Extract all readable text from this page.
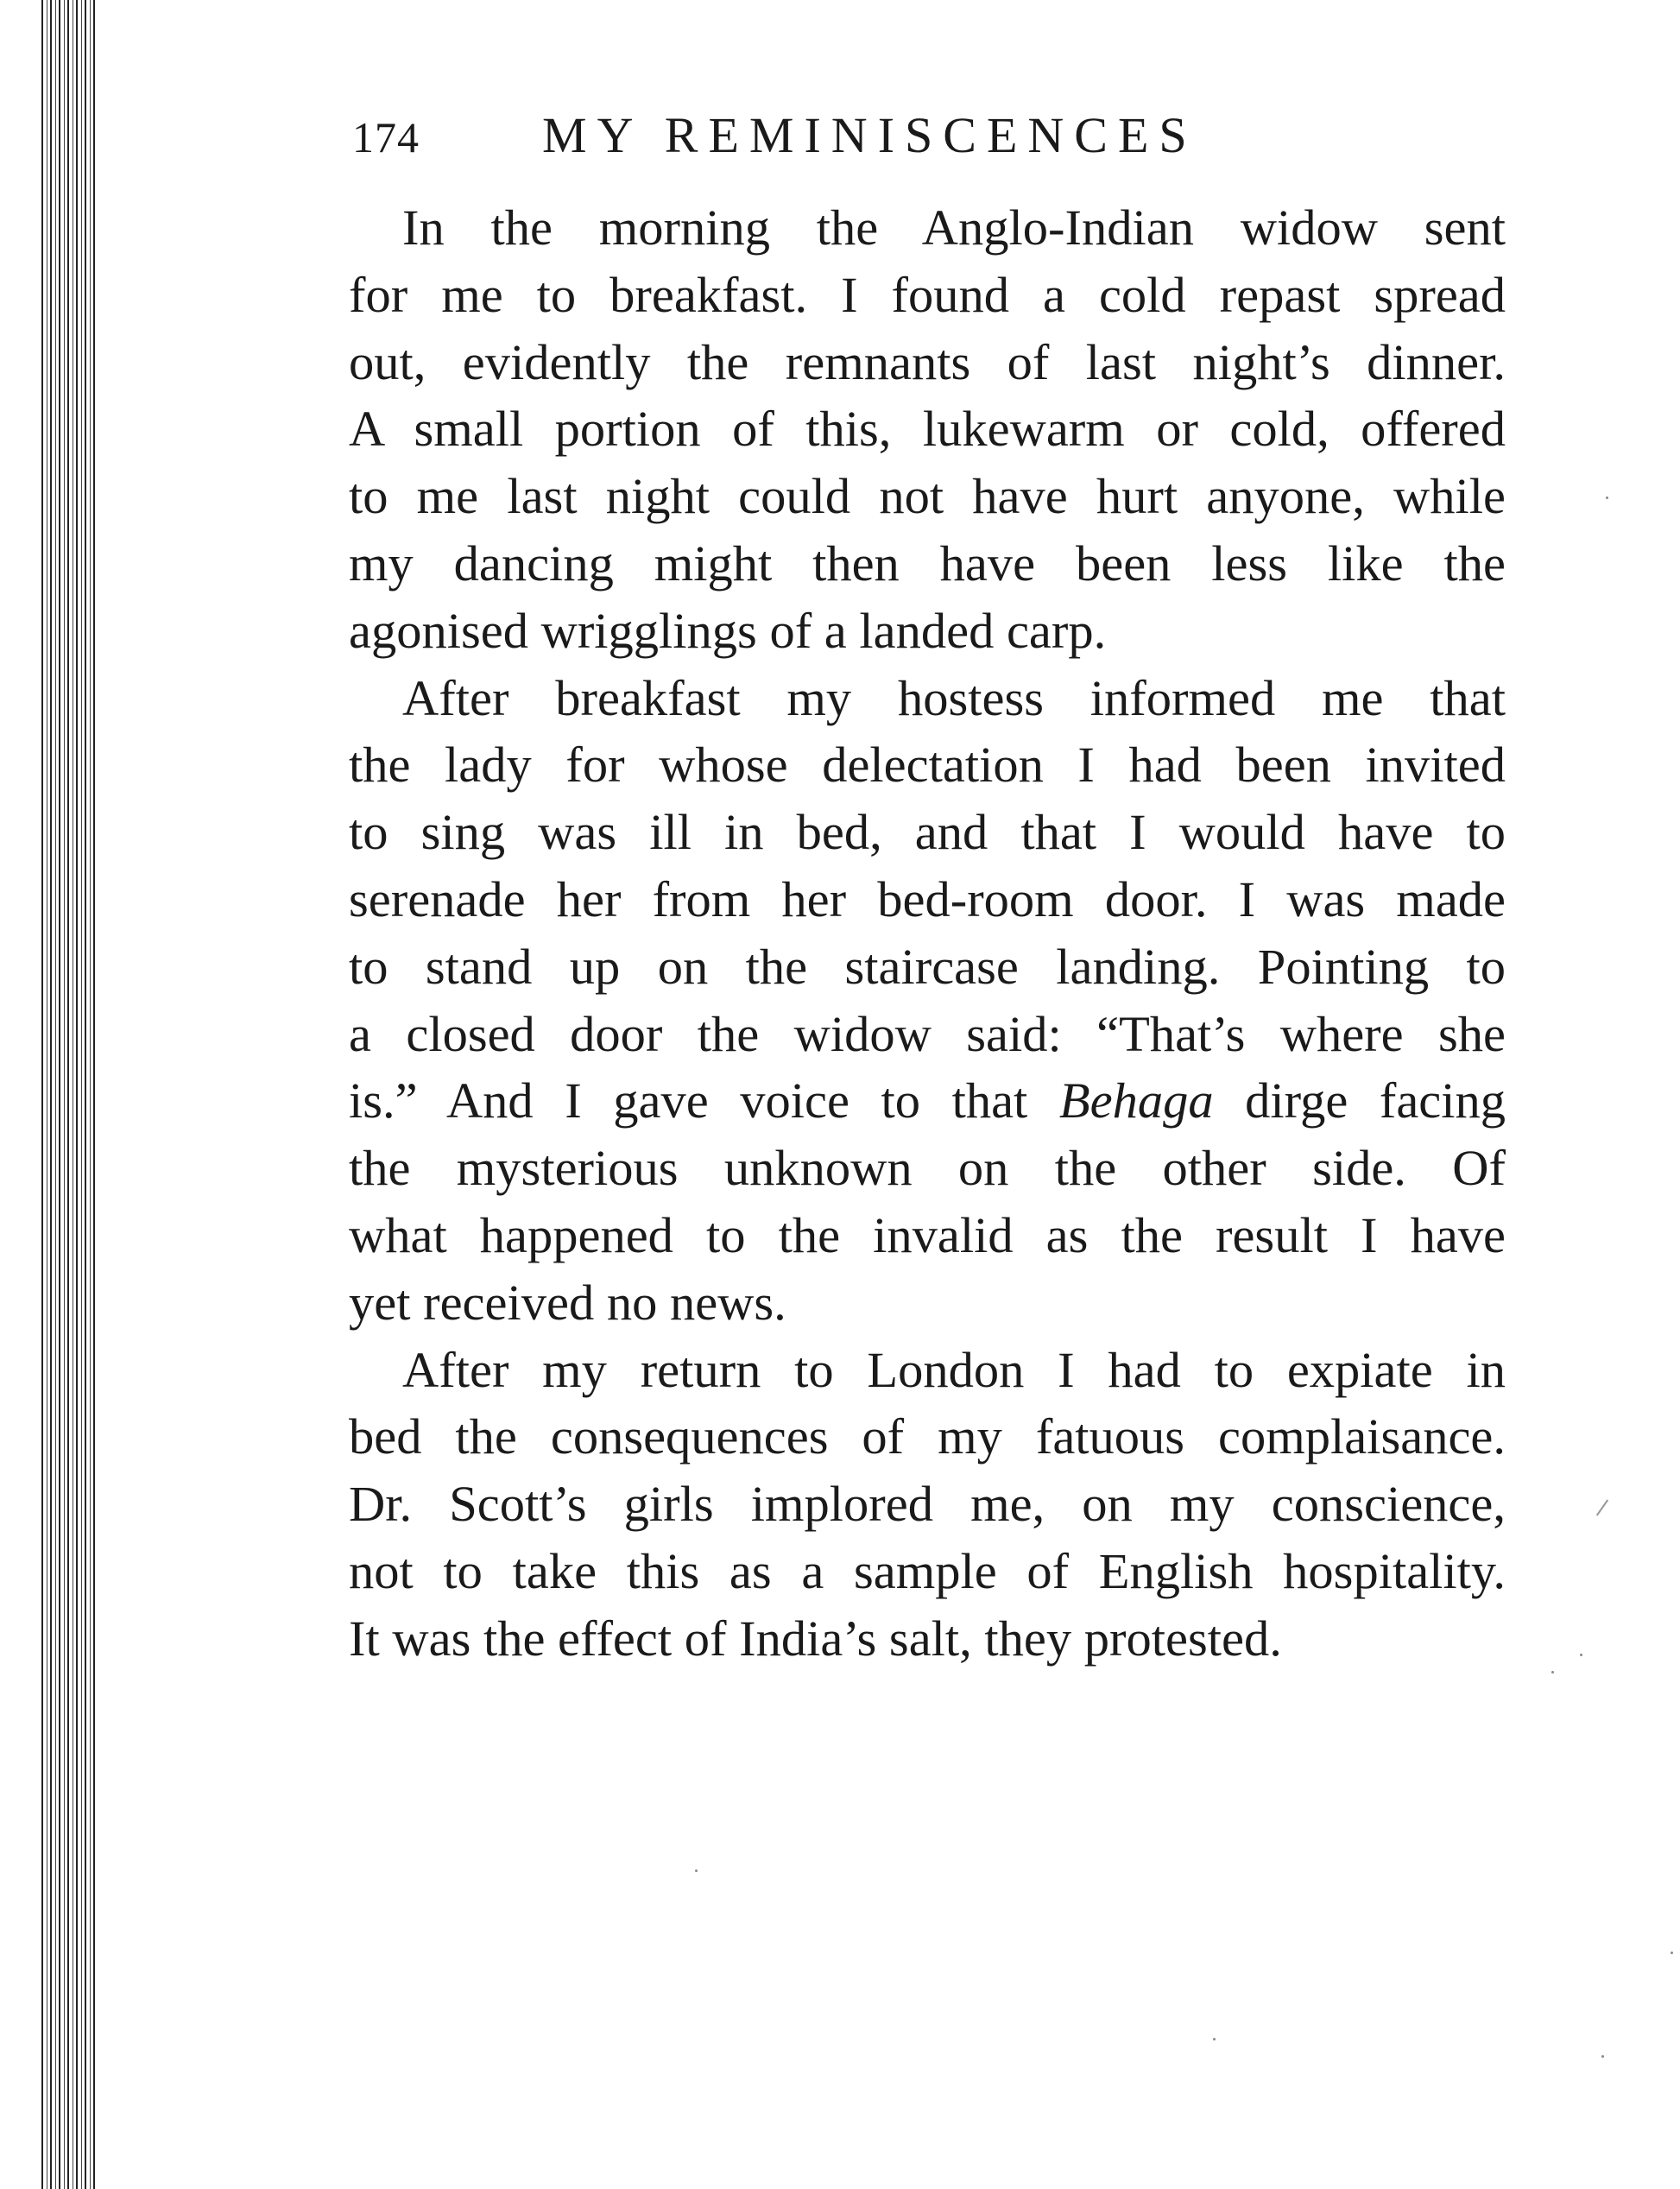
174 MY REMINISCENCES
In the morning the Anglo-Indian widow sent
for me to breakfast. I found a cold repast spread
out, evidently the remnants of last night’s dinner.
A small portion of this, lukewarm or cold, offered
to me last night could not have hurt anyone, while
my dancing might then have been less like the
agonised wrigglings of a landed carp.
After breakfast my hostess informed me that
the lady for whose delectation I had been invited
to sing was ill in bed, and that I would have to
serenade her from her bed-room door. I was made
to stand up on the staircase landing. Pointing to
a closed door the widow said: “That’s where she
is.” And I gave voice to that Behaga dirge facing
the mysterious unknown on the other side. Of
what happened to the invalid as the result I have
yet received no news.
After my return to London I had to expiate in
bed the consequences of my fatuous complaisance.
Dr. Scott’s girls implored me, on my conscience,
not to take this as a sample of English hospitality.
It was the effect of India’s salt, they protested.
